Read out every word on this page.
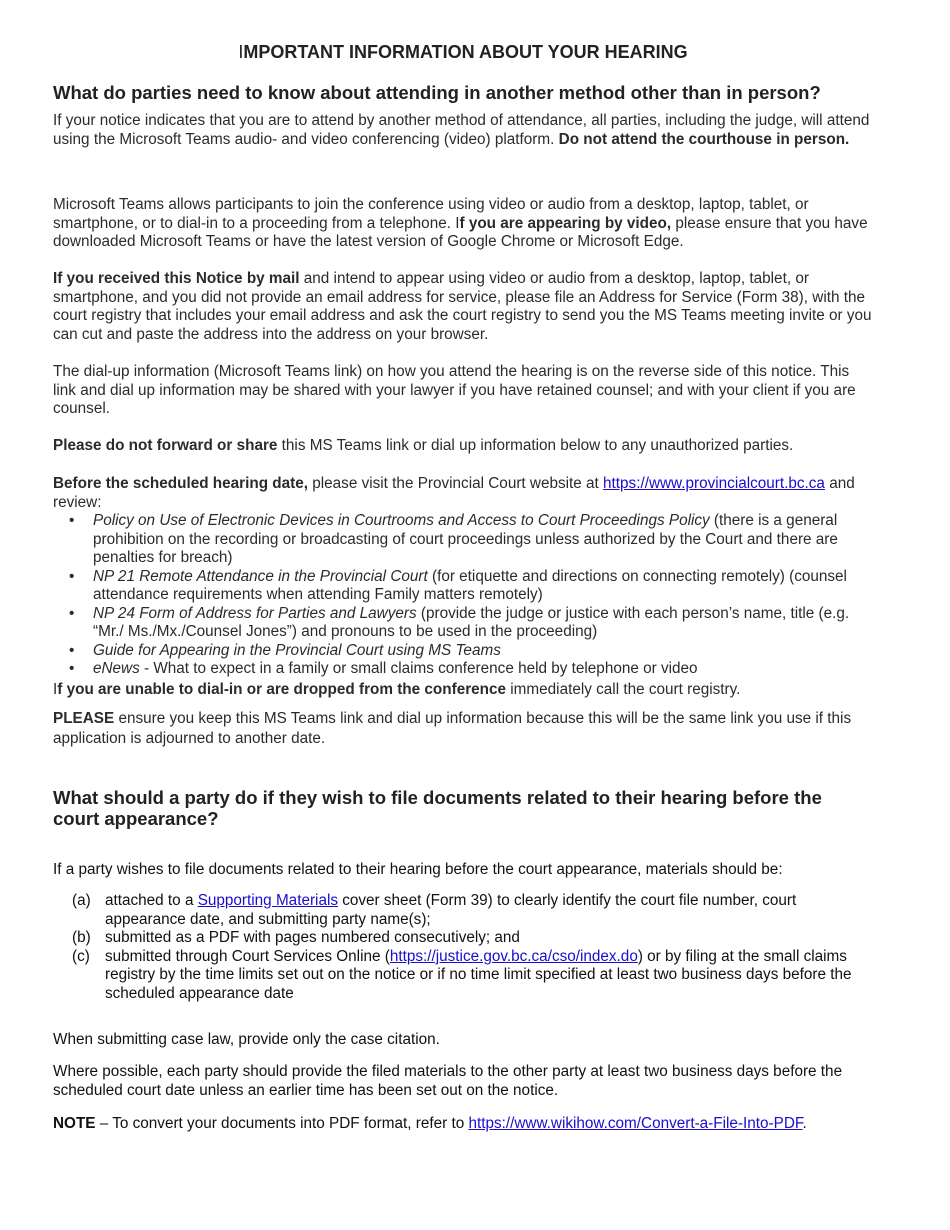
IMPORTANT INFORMATION ABOUT YOUR HEARING
What do parties need to know about attending in another method other than in person?

If your notice indicates that you are to attend by another method of attendance, all parties, including the judge, will attend using the Microsoft Teams audio- and video conferencing (video) platform. Do not attend the courthouse in person.

Microsoft Teams allows participants to join the conference using video or audio from a desktop, laptop, tablet, or smartphone, or to dial-in to a proceeding from a telephone. If you are appearing by video, please ensure that you have downloaded Microsoft Teams or have the latest version of Google Chrome or Microsoft Edge.

If you received this Notice by mail and intend to appear using video or audio from a desktop, laptop, tablet, or smartphone, and you did not provide an email address for service, please file an Address for Service (Form 38), with the court registry that includes your email address and ask the court registry to send you the MS Teams meeting invite or you can cut and paste the address into the address on your browser.

The dial-up information (Microsoft Teams link) on how you attend the hearing is on the reverse side of this notice. This link and dial up information may be shared with your lawyer if you have retained counsel; and with your client if you are counsel.

Please do not forward or share this MS Teams link or dial up information below to any unauthorized parties.

Before the scheduled hearing date, please visit the Provincial Court website at https://www.provincialcourt.bc.ca and review:

• Policy on Use of Electronic Devices in Courtrooms and Access to Court Proceedings Policy (there is a general prohibition on the recording or broadcasting of court proceedings unless authorized by the Court and there are penalties for breach)
• NP 21 Remote Attendance in the Provincial Court (for etiquette and directions on connecting remotely) (counsel attendance requirements when attending Family matters remotely)
• NP 24 Form of Address for Parties and Lawyers (provide the judge or justice with each person’s name, title (e.g. “Mr./ Ms./Mx./Counsel Jones”) and pronouns to be used in the proceeding)
• Guide for Appearing in the Provincial Court using MS Teams
• eNews - What to expect in a family or small claims conference held by telephone or video

If you are unable to dial-in or are dropped from the conference immediately call the court registry.

PLEASE ensure you keep this MS Teams link and dial up information because this will be the same link you use if this application is adjourned to another date.

What should a party do if they wish to file documents related to their hearing before the court appearance?

If a party wishes to file documents related to their hearing before the court appearance, materials should be:

(a) attached to a Supporting Materials cover sheet (Form 39) to clearly identify the court file number, court appearance date, and submitting party name(s);
(b) submitted as a PDF with pages numbered consecutively; and
(c) submitted through Court Services Online (https://justice.gov.bc.ca/cso/index.do) or by filing at the small claims registry by the time limits set out on the notice or if no time limit specified at least two business days before the scheduled appearance date

When submitting case law, provide only the case citation.

Where possible, each party should provide the filed materials to the other party at least two business days before the scheduled court date unless an earlier time has been set out on the notice.

NOTE – To convert your documents into PDF format, refer to https://www.wikihow.com/Convert-a-File-Into-PDF.
